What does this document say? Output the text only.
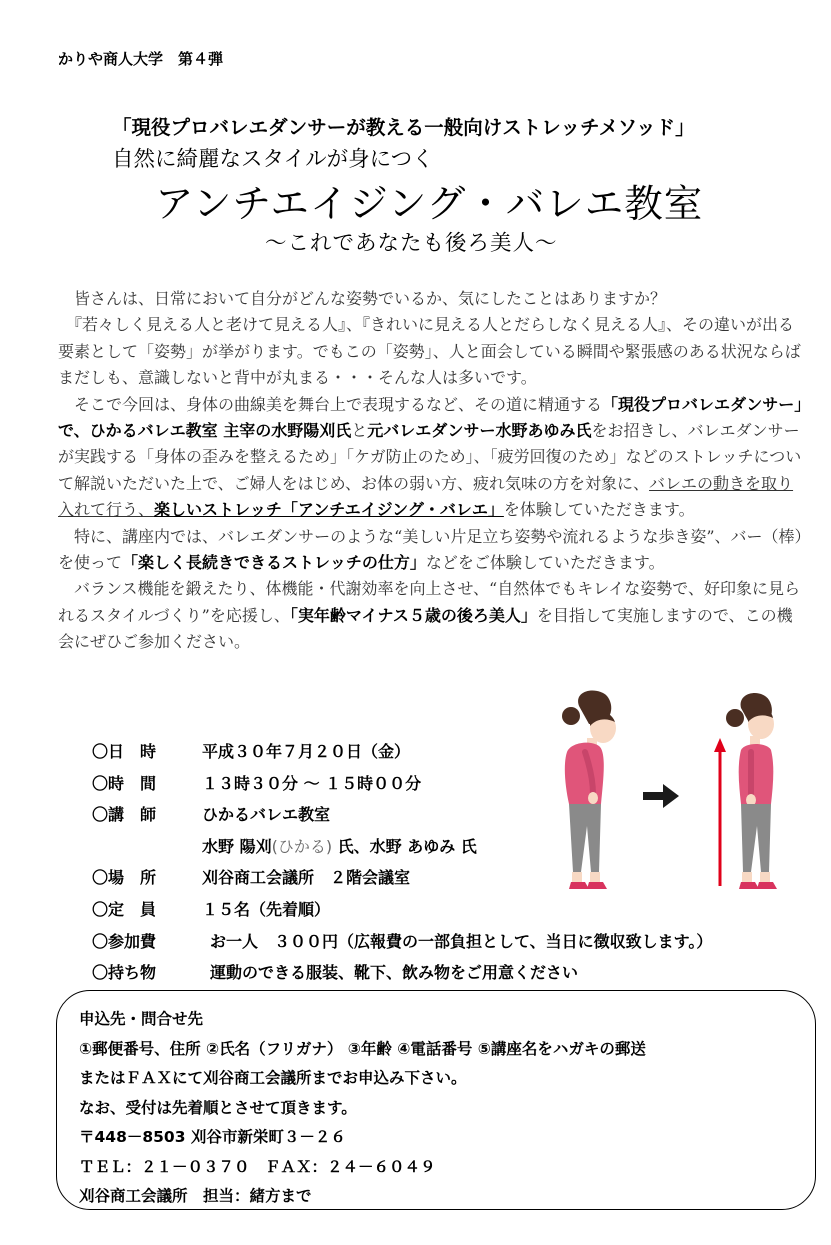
かりや商人大学　第４弾
「現役プロバレエダンサーが教える一般向けストレッチメソッド」
自然に綺麗なスタイルが身につく
アンチエイジング・バレエ教室
～これであなたも後ろ美人～

　皆さんは、日常において自分がどんな姿勢でいるか、気にしたことはありますか？

　『若々しく見える人と老けて見える人』、『きれいに見える人とだらしなく見える人』、その違いが出る要素として「姿勢」が挙がります。でもこの「姿勢」、人と面会している瞬間や緊張感のある状況ならばまだしも、意識しないと背中が丸まる・・・そんな人は多いです。

　そこで今回は、身体の曲線美を舞台上で表現するなど、その道に精通する「現役プロバレエダンサー」で、ひかるバレエ教室 主宰の水野陽刈氏と元バレエダンサー水野あゆみ氏をお招きし、バレエダンサーが実践する「身体の歪みを整えるため」「ケガ防止のため」、「疲労回復のため」などのストレッチについて解説いただいた上で、ご婦人をはじめ、お体の弱い方、疲れ気味の方を対象に、バレエの動きを取り入れて行う、楽しいストレッチ「アンチエイジング・バレエ」を体験していただきます。

　特に、講座内では、バレエダンサーのような“美しい片足立ち姿勢や流れるような歩き姿”、バー（棒）を使って「楽しく長続きできるストレッチの仕方」などをご体験していただきます。

　バランス機能を鍛えたり、体機能・代謝効率を向上させ、“自然体でもキレイな姿勢で、好印象に見られるスタイルづくり”を応援し、「実年齢マイナス５歳の後ろ美人」を目指して実施しますので、この機会にぜひご参加ください。

〇日　時	平成３０年７月２０日（金）
〇時　間	１３時３０分 ～ １５時００分
〇講　師	ひかるバレエ教室
水野 陽刈(ひかる) 氏、水野 あゆみ 氏
〇場　所	刈谷商工会議所　２階会議室
〇定　員	１５名（先着順）
〇参加費	お一人　３００円（広報費の一部負担として、当日に徴収致します。）
〇持ち物	運動のできる服装、靴下、飲み物をご用意ください
申込先・問合せ先
①郵便番号、住所 ②氏名（フリガナ） ③年齢 ④電話番号 ⑤講座名をハガキの郵送
またはＦＡＸにて刈谷商工会議所までお申込み下さい。
なお、受付は先着順とさせて頂きます。
〒448－8503 刈谷市新栄町３－２６
ＴＥＬ：２１－０３７０　ＦＡＸ：２４－６０４９
刈谷商工会議所　担当：緒方まで
